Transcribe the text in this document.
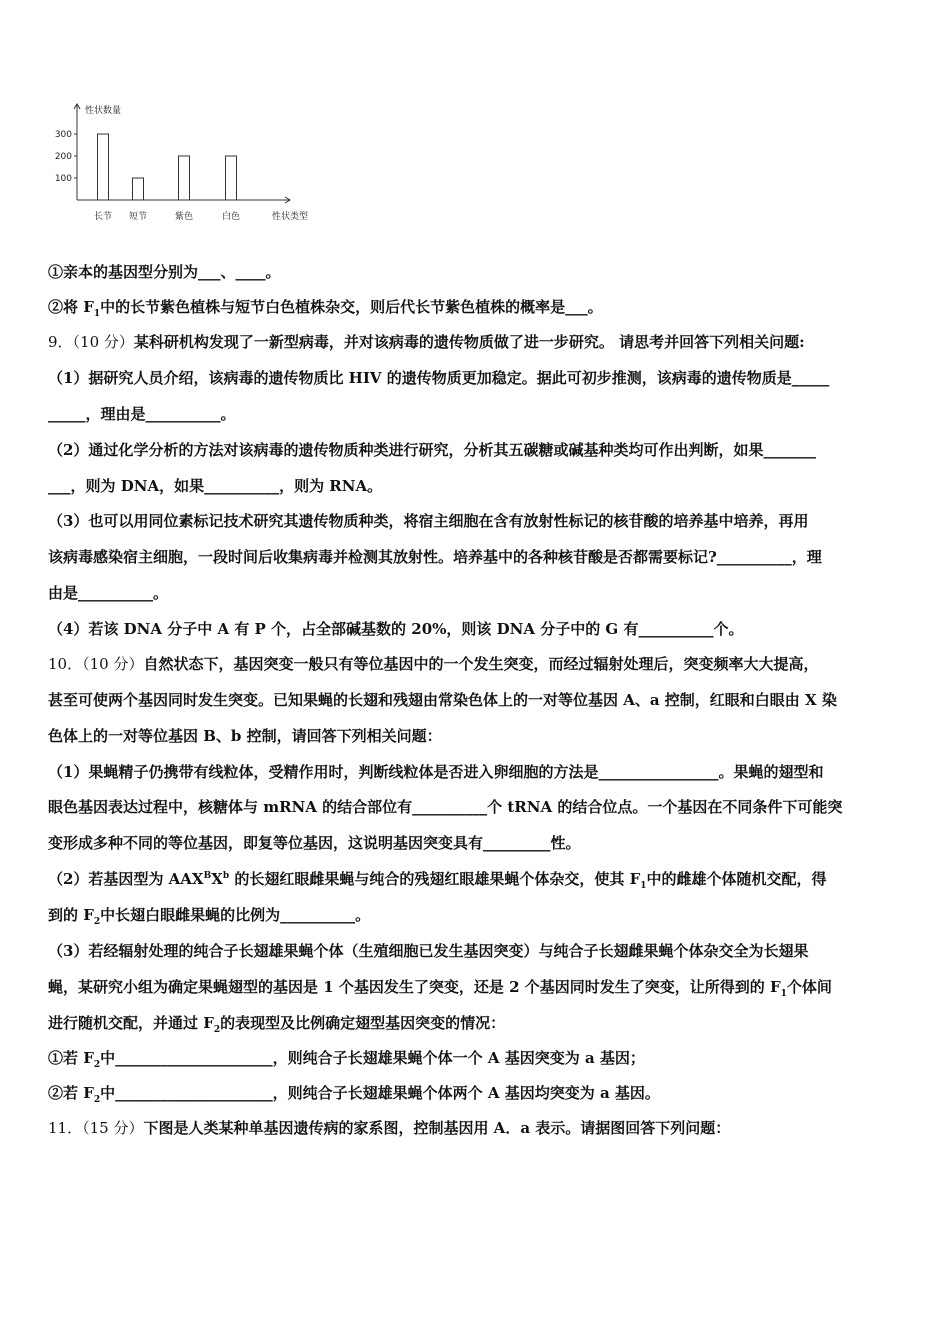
性状数量
300
200
100
长节 短节	紫色	白色	性状类型
①亲本的基因型分别为___、____。
②将 $F_1$中的长节紫色植株与短节白色植株杂交，则后代长节紫色植株的概率是___。
9．（10 分）某科研机构发现了一新型病毒，并对该病毒的遗传物质做了进一步研究。 请思考并回答下列相关问题:
（1）据研究人员介绍，该病毒的遗传物质比 HIV 的遗传物质更加稳定。据此可初步推测，该病毒的遗传物质是_____
_____，理由是__________。
（2）通过化学分析的方法对该病毒的遗传物质种类进行研究，分析其五碳糖或碱基种类均可作出判断，如果_______
___，则为 DNA，如果__________，则为 RNA。
（3）也可以用同位素标记技术研究其遗传物质种类，将宿主细胞在含有放射性标记的核苷酸的培养基中培养，再用
该病毒感染宿主细胞，一段时间后收集病毒并检测其放射性。培养基中的各种核苷酸是否都需要标记?__________，理
由是__________。
（4）若该 DNA 分子中 A 有 P 个，占全部碱基数的 20%，则该 DNA 分子中的 G 有__________个。
10．（10 分）自然状态下，基因突变一般只有等位基因中的一个发生突变，而经过辐射处理后，突变频率大大提高，
甚至可使两个基因同时发生突变。已知果蝇的长翅和残翅由常染色体上的一对等位基因 A、a 控制，红眼和白眼由 X 染
色体上的一对等位基因 B、b 控制，请回答下列相关问题：
（1）果蝇精子仍携带有线粒体，受精作用时，判断线粒体是否进入卵细胞的方法是________________。果蝇的翅型和
眼色基因表达过程中，核糖体与 mRNA 的结合部位有__________个 tRNA 的结合位点。一个基因在不同条件下可能突
变形成多种不同的等位基因，即复等位基因，这说明基因突变具有_________性。
（2）若基因型为 $AAX^BX^b$ 的长翅红眼雌果蝇与纯合的残翅红眼雄果蝇个体杂交，使其 $F_1$中的雌雄个体随机交配，得
到的 $F_2$中长翅白眼雌果蝇的比例为__________。
（3）若经辐射处理的纯合子长翅雄果蝇个体（生殖细胞已发生基因突变）与纯合子长翅雌果蝇个体杂交全为长翅果
蝇，某研究小组为确定果蝇翅型的基因是 1 个基因发生了突变，还是 2 个基因同时发生了突变，让所得到的 $F_1$个体间
进行随机交配，并通过 $F_2$的表现型及比例确定翅型基因突变的情况：
①若 $F_2$中_____________________，则纯合子长翅雄果蝇个体一个 A 基因突变为 a 基因；
②若 $F_2$中_____________________，则纯合子长翅雄果蝇个体两个 A 基因均突变为 a 基因。
11．（15 分）下图是人类某种单基因遗传病的家系图，控制基因用 A．a 表示。请据图回答下列问题：
